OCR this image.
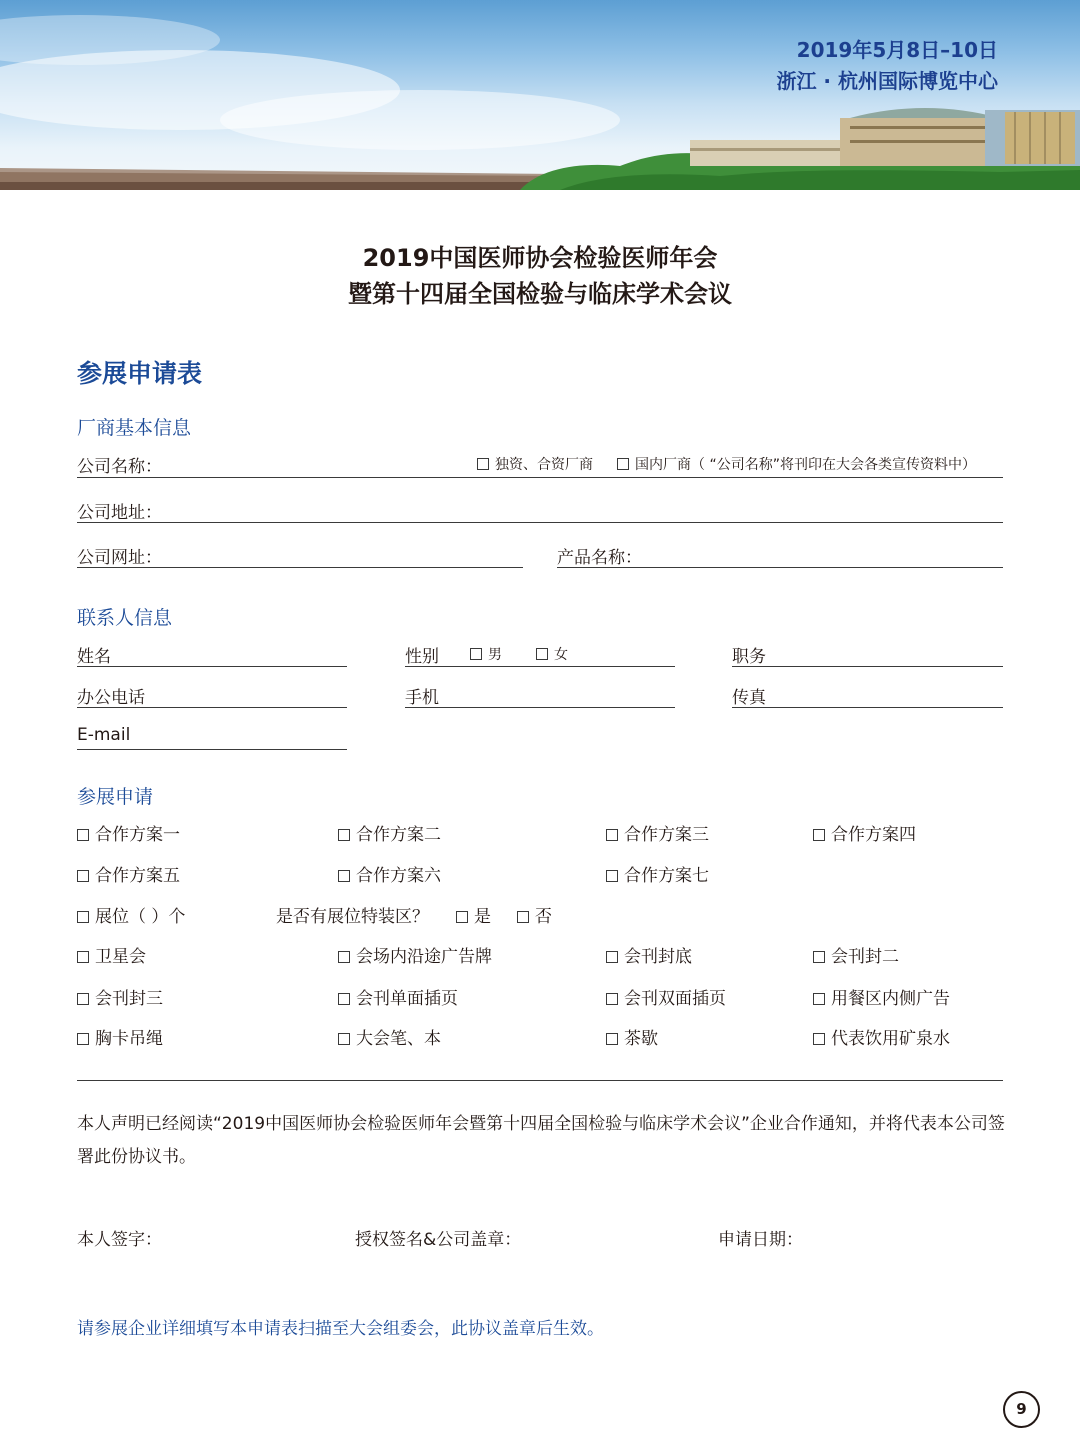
2019年5月8日–10日
浙江 · 杭州国际博览中心
2019中国医师协会检验医师年会
暨第十四届全国检验与临床学术会议
参展申请表
厂商基本信息
公司名称：	独资、合资厂商	国内厂商（ “公司名称”将刊印在大会各类宣传资料中）
公司地址：
公司网址：	产品名称：
联系人信息
姓名	性别	男	女	职务
办公电话	手机	传真
E-mail
参展申请
合作方案一	合作方案二	合作方案三	合作方案四
合作方案五	合作方案六	合作方案七
展位（ ）个	是否有展位特装区？	是	否
卫星会	会场内沿途广告牌	会刊封底	会刊封二
会刊封三	会刊单面插页	会刊双面插页	用餐区内侧广告
胸卡吊绳	大会笔、本	茶歇	代表饮用矿泉水
本人声明已经阅读“2019中国医师协会检验医师年会暨第十四届全国检验与临床学术会议”企业合作通知，并将代表本公司签署此份协议书。
本人签字：	授权签名&公司盖章：	申请日期：
请参展企业详细填写本申请表扫描至大会组委会，此协议盖章后生效。
9
